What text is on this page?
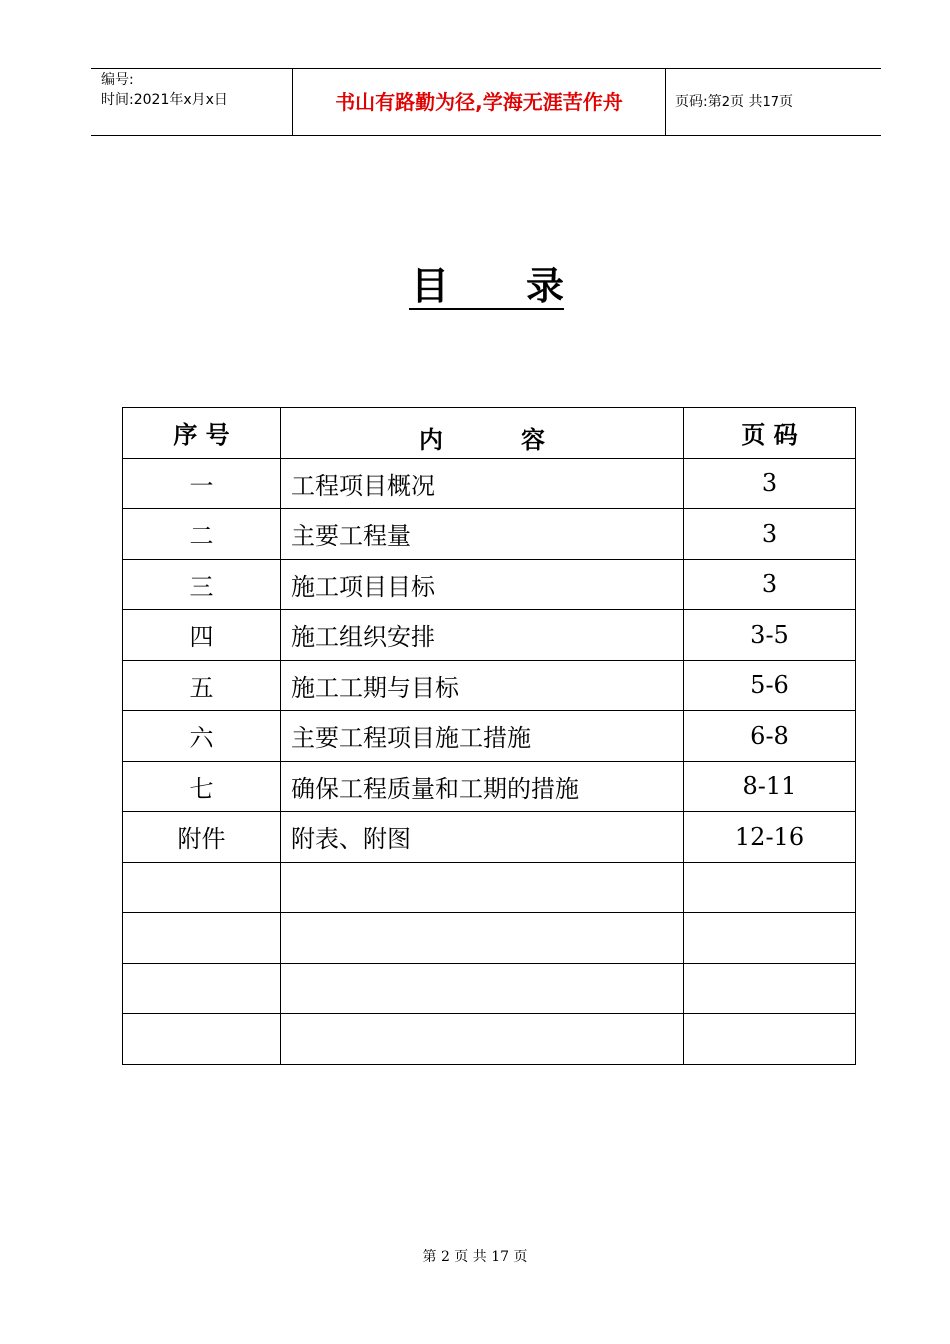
编号:
时间:2021年x月x日	书山有路勤为径,学海无涯苦作舟	页码:第2页 共17页
目 录
序 号	内 容	页 码
一	工程项目概况	3
二	主要工程量	3
三	施工项目目标	3
四	施工组织安排	3-5
五	施工工期与目标	5-6
六	主要工程项目施工措施	6-8
七	确保工程质量和工期的措施	8-11
附件	附表、附图	12-16

第 2 页 共 17 页
